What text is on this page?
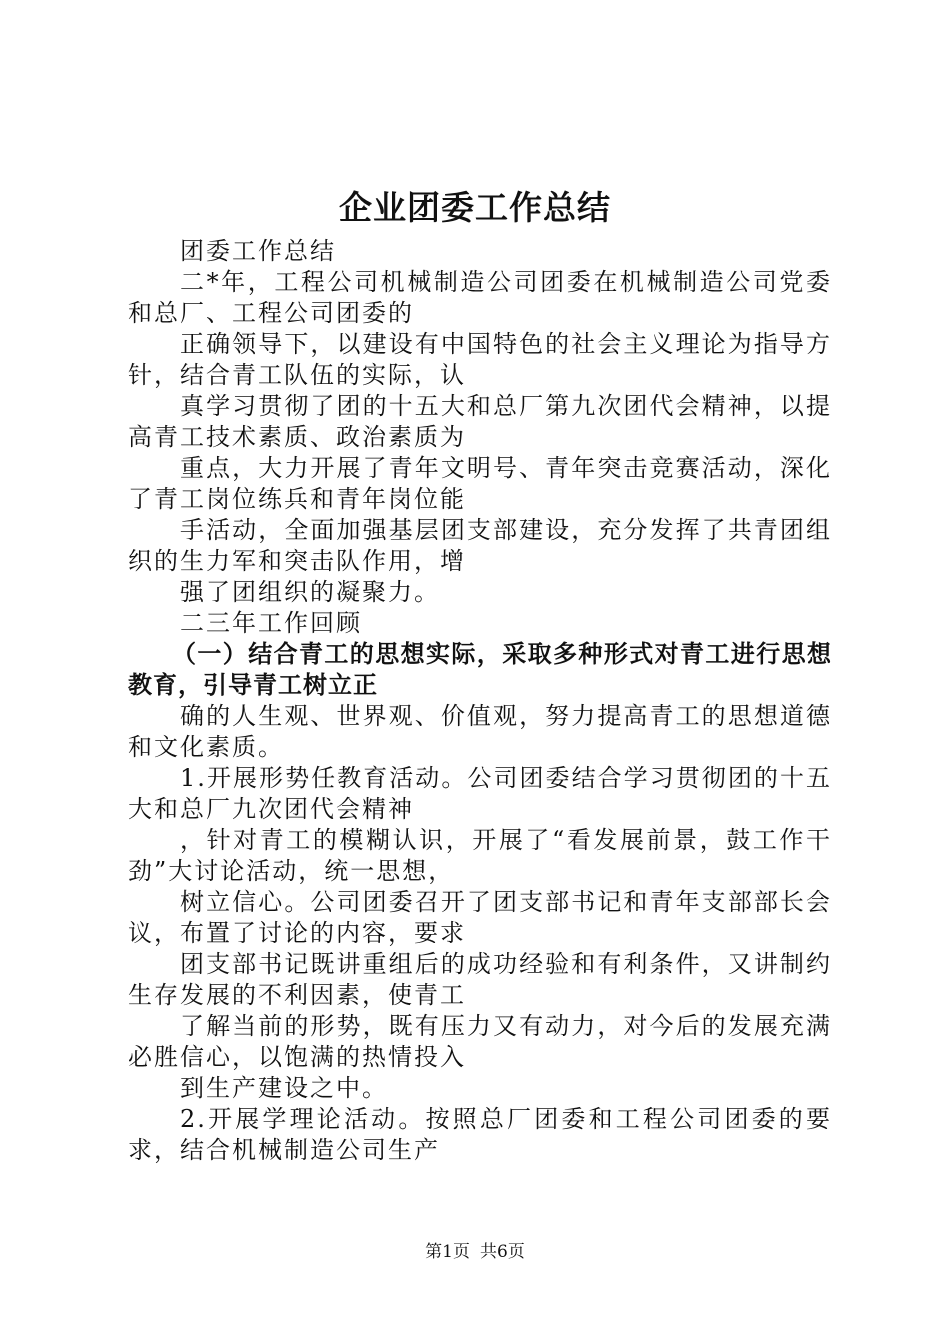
企业团委工作总结

团委工作总结

二*年，工程公司机械制造公司团委在机械制造公司党委和总厂、工程公司团委的

正确领导下，以建设有中国特色的社会主义理论为指导方针，结合青工队伍的实际，认

真学习贯彻了团的十五大和总厂第九次团代会精神，以提高青工技术素质、政治素质为

重点，大力开展了青年文明号、青年突击竞赛活动，深化了青工岗位练兵和青年岗位能

手活动，全面加强基层团支部建设，充分发挥了共青团组织的生力军和突击队作用，增

强了团组织的凝聚力。

二三年工作回顾

（一）结合青工的思想实际，采取多种形式对青工进行思想教育，引导青工树立正

确的人生观、世界观、价值观，努力提高青工的思想道德和文化素质。

1.开展形势任教育活动。公司团委结合学习贯彻团的十五大和总厂九次团代会精神

，针对青工的模糊认识，开展了“看发展前景，鼓工作干劲”大讨论活动，统一思想，

树立信心。公司团委召开了团支部书记和青年支部部长会议，布置了讨论的内容，要求

团支部书记既讲重组后的成功经验和有利条件，又讲制约生存发展的不利因素，使青工

了解当前的形势，既有压力又有动力，对今后的发展充满必胜信心，以饱满的热情投入

到生产建设之中。

2.开展学理论活动。按照总厂团委和工程公司团委的要求，结合机械制造公司生产

第1页 共6页
